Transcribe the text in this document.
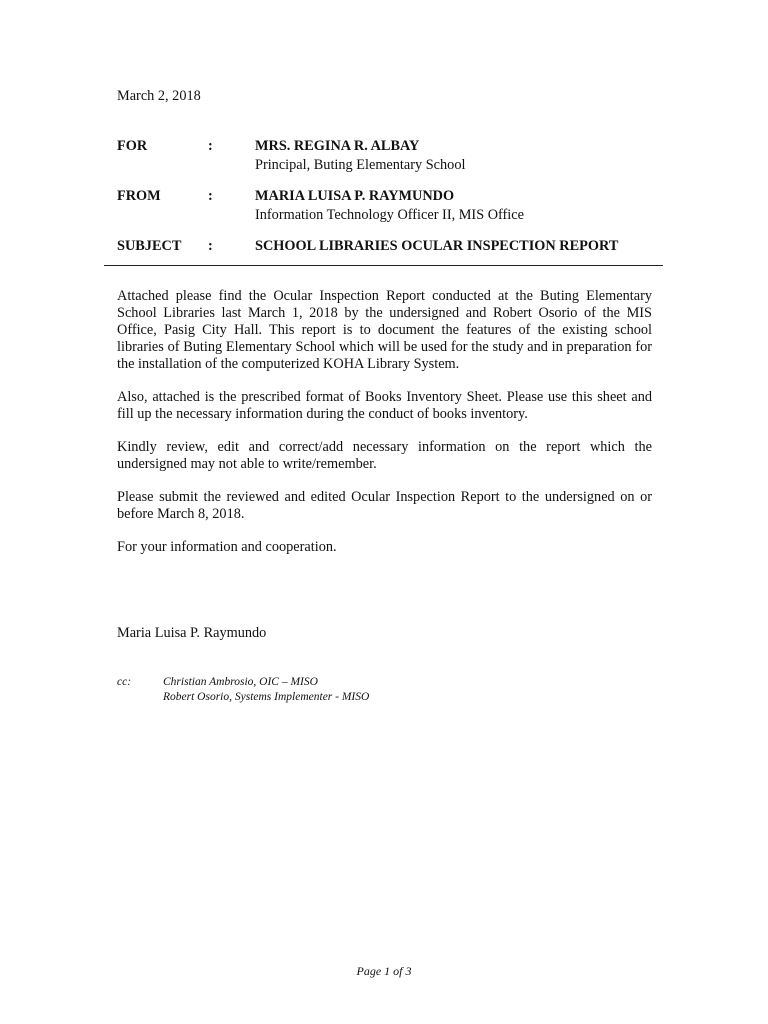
March 2, 2018
FOR	:	MRS. REGINA R. ALBAY
Principal, Buting Elementary School
FROM	:	MARIA LUISA P. RAYMUNDO
Information Technology Officer II, MIS Office
SUBJECT :	SCHOOL LIBRARIES OCULAR INSPECTION REPORT

Attached please find the Ocular Inspection Report conducted at the Buting Elementary School Libraries last March 1, 2018 by the undersigned and Robert Osorio of the MIS Office, Pasig City Hall. This report is to document the features of the existing school libraries of Buting Elementary School which will be used for the study and in preparation for the installation of the computerized KOHA Library System.

Also, attached is the prescribed format of Books Inventory Sheet. Please use this sheet and fill up the necessary information during the conduct of books inventory.

Kindly review, edit and correct/add necessary information on the report which the undersigned may not able to write/remember.

Please submit the reviewed and edited Ocular Inspection Report to the undersigned on or before March 8, 2018.

For your information and cooperation.

Maria Luisa P. Raymundo
cc:	Christian Ambrosio, OIC – MISO
Robert Osorio, Systems Implementer - MISO
Page 1 of 3
